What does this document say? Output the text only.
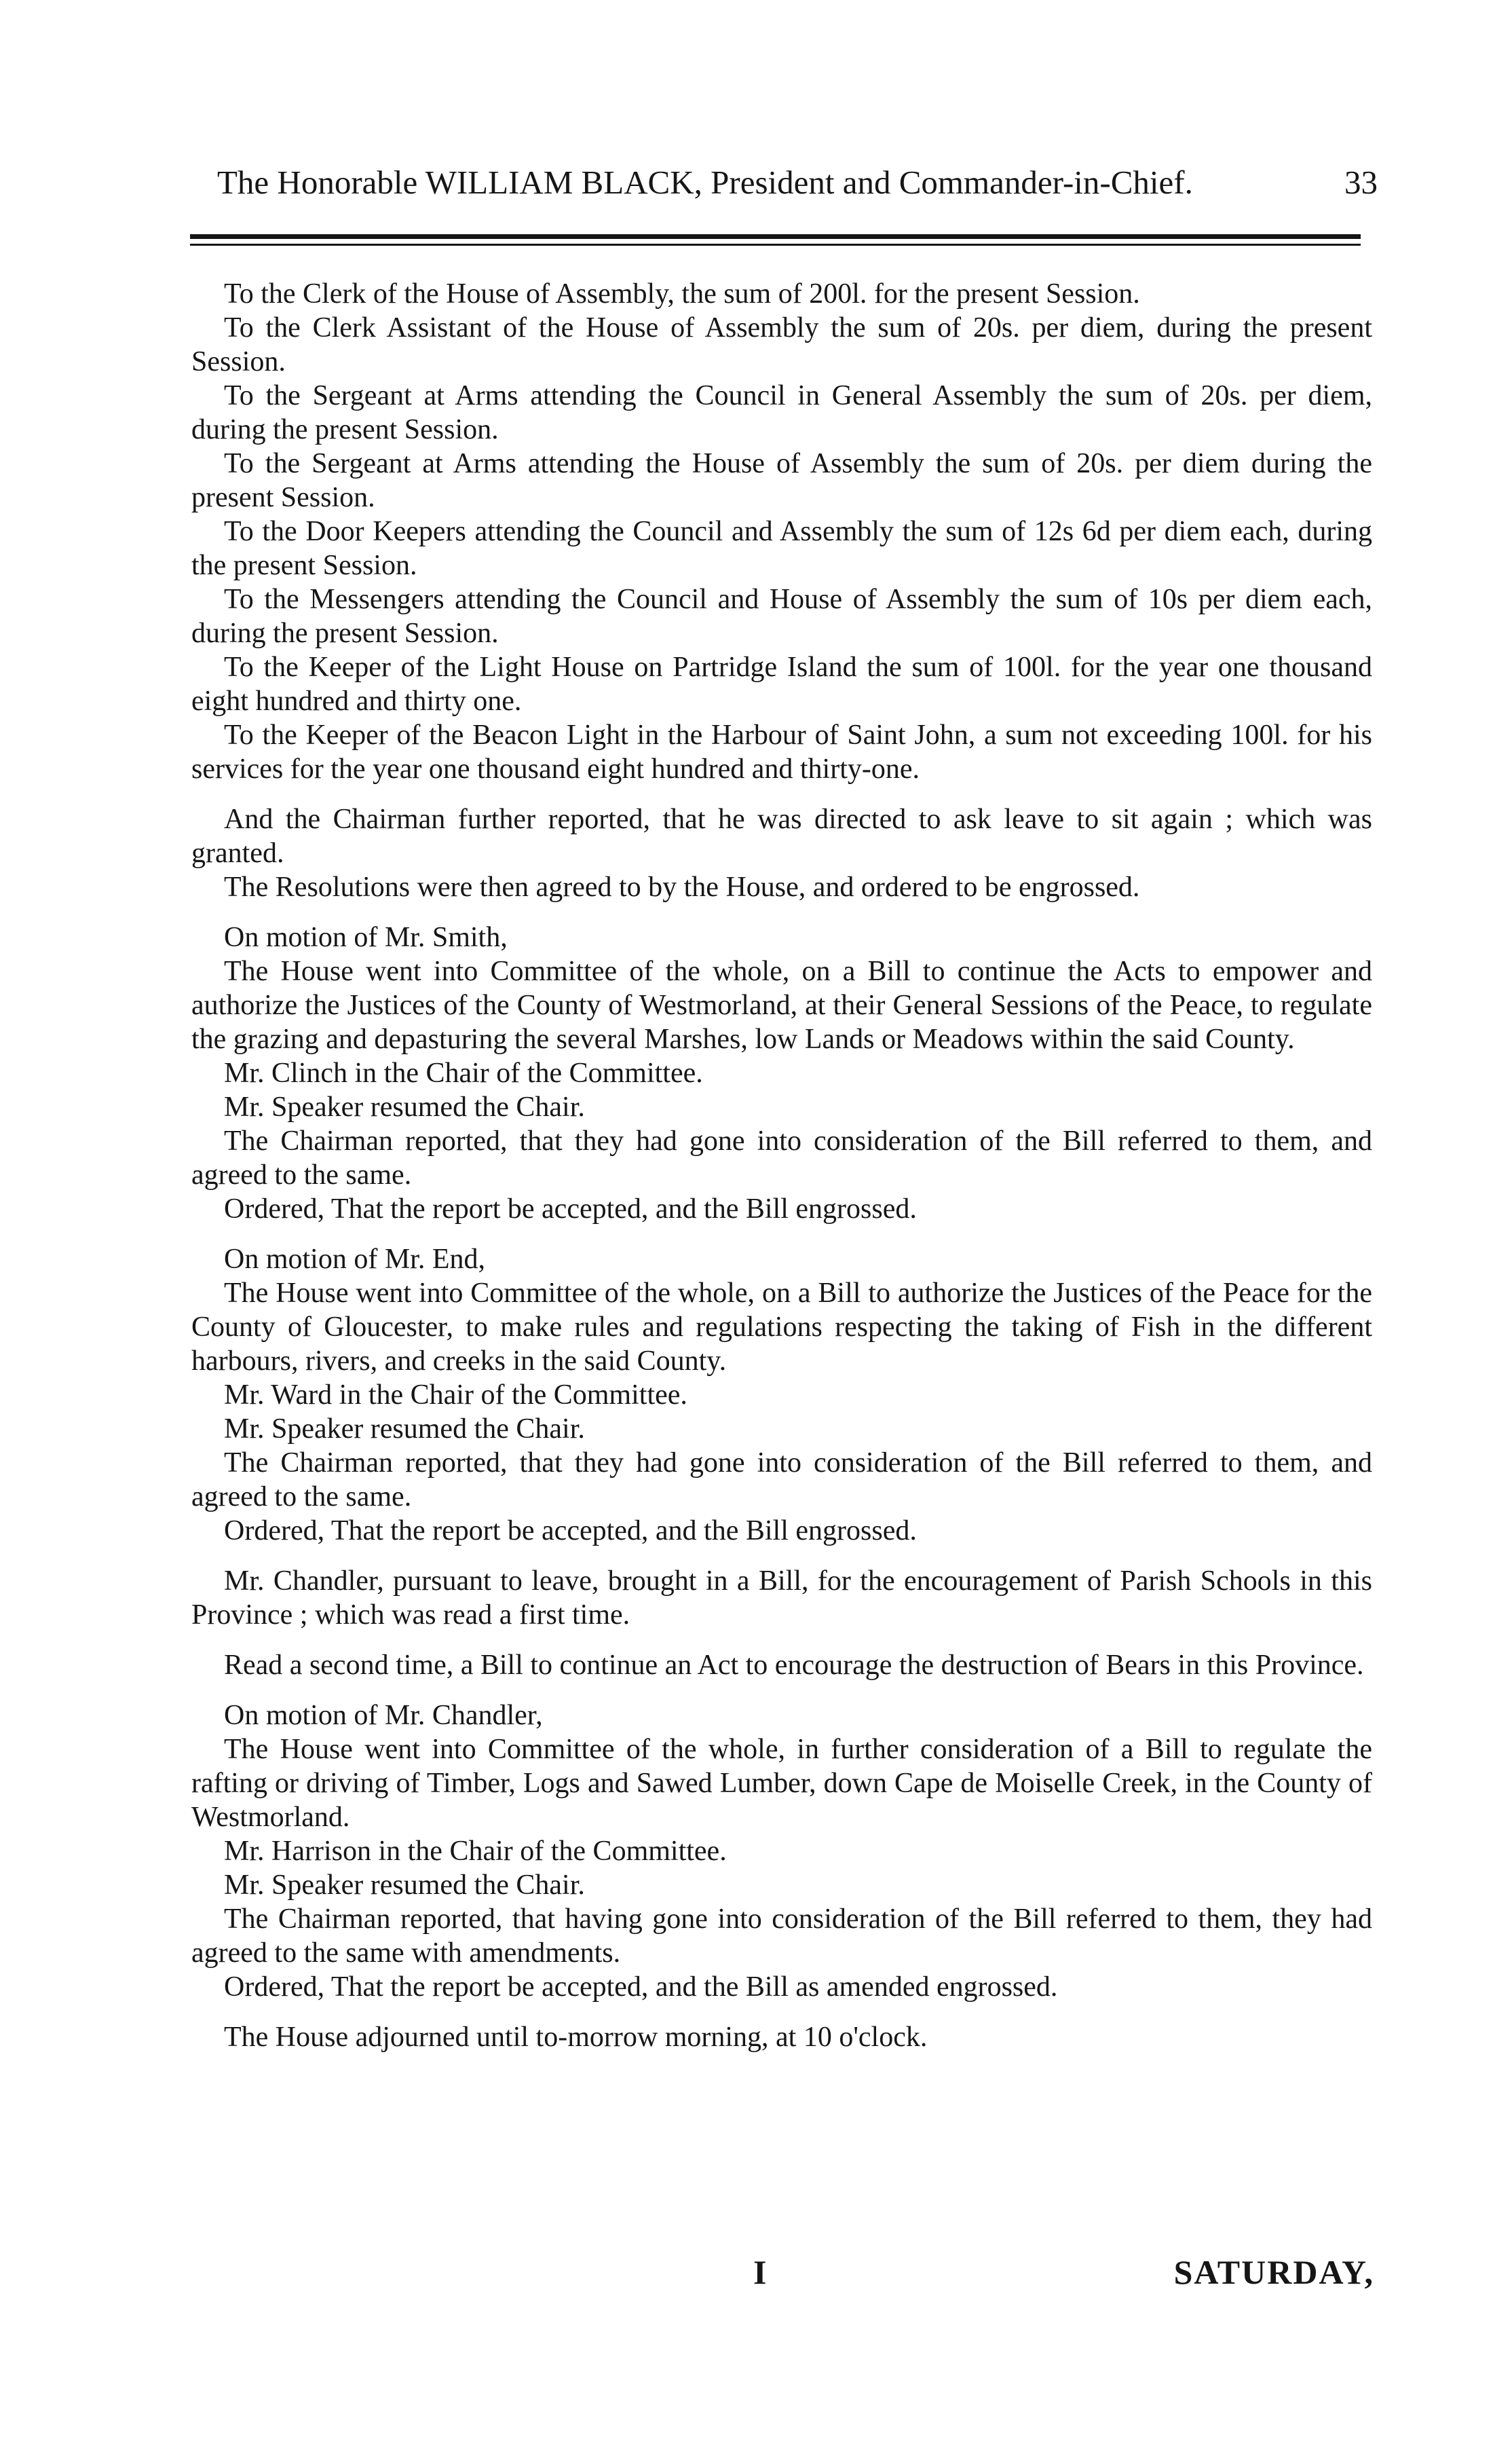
The Honorable WILLIAM BLACK, President and Commander-in-Chief.	33

To the Clerk of the House of Assembly, the sum of 200l. for the present Session.

To the Clerk Assistant of the House of Assembly the sum of 20s. per diem, during the present Session.

To the Sergeant at Arms attending the Council in General Assembly the sum of 20s. per diem, during the present Session.

To the Sergeant at Arms attending the House of Assembly the sum of 20s. per diem during the present Session.

To the Door Keepers attending the Council and Assembly the sum of 12s 6d per diem each, during the present Session.

To the Messengers attending the Council and House of Assembly the sum of 10s per diem each, during the present Session.

To the Keeper of the Light House on Partridge Island the sum of 100l. for the year one thousand eight hundred and thirty one.

To the Keeper of the Beacon Light in the Harbour of Saint John, a sum not exceeding 100l. for his services for the year one thousand eight hundred and thirty-one.

And the Chairman further reported, that he was directed to ask leave to sit again ; which was granted.

The Resolutions were then agreed to by the House, and ordered to be engrossed.

On motion of Mr. Smith,

The House went into Committee of the whole, on a Bill to continue the Acts to empower and authorize the Justices of the County of Westmorland, at their General Sessions of the Peace, to regulate the grazing and depasturing the several Marshes, low Lands or Meadows within the said County.

Mr. Clinch in the Chair of the Committee.

Mr. Speaker resumed the Chair.

The Chairman reported, that they had gone into consideration of the Bill referred to them, and agreed to the same.

Ordered, That the report be accepted, and the Bill engrossed.

On motion of Mr. End,

The House went into Committee of the whole, on a Bill to authorize the Justices of the Peace for the County of Gloucester, to make rules and regulations respecting the taking of Fish in the different harbours, rivers, and creeks in the said County.

Mr. Ward in the Chair of the Committee.

Mr. Speaker resumed the Chair.

The Chairman reported, that they had gone into consideration of the Bill referred to them, and agreed to the same.

Ordered, That the report be accepted, and the Bill engrossed.

Mr. Chandler, pursuant to leave, brought in a Bill, for the encouragement of Parish Schools in this Province ; which was read a first time.

Read a second time, a Bill to continue an Act to encourage the destruction of Bears in this Province.

On motion of Mr. Chandler,

The House went into Committee of the whole, in further consideration of a Bill to regulate the rafting or driving of Timber, Logs and Sawed Lumber, down Cape de Moiselle Creek, in the County of Westmorland.

Mr. Harrison in the Chair of the Committee.

Mr. Speaker resumed the Chair.

The Chairman reported, that having gone into consideration of the Bill referred to them, they had agreed to the same with amendments.

Ordered, That the report be accepted, and the Bill as amended engrossed.

The House adjourned until to-morrow morning, at 10 o'clock.

I	SATURDAY,
